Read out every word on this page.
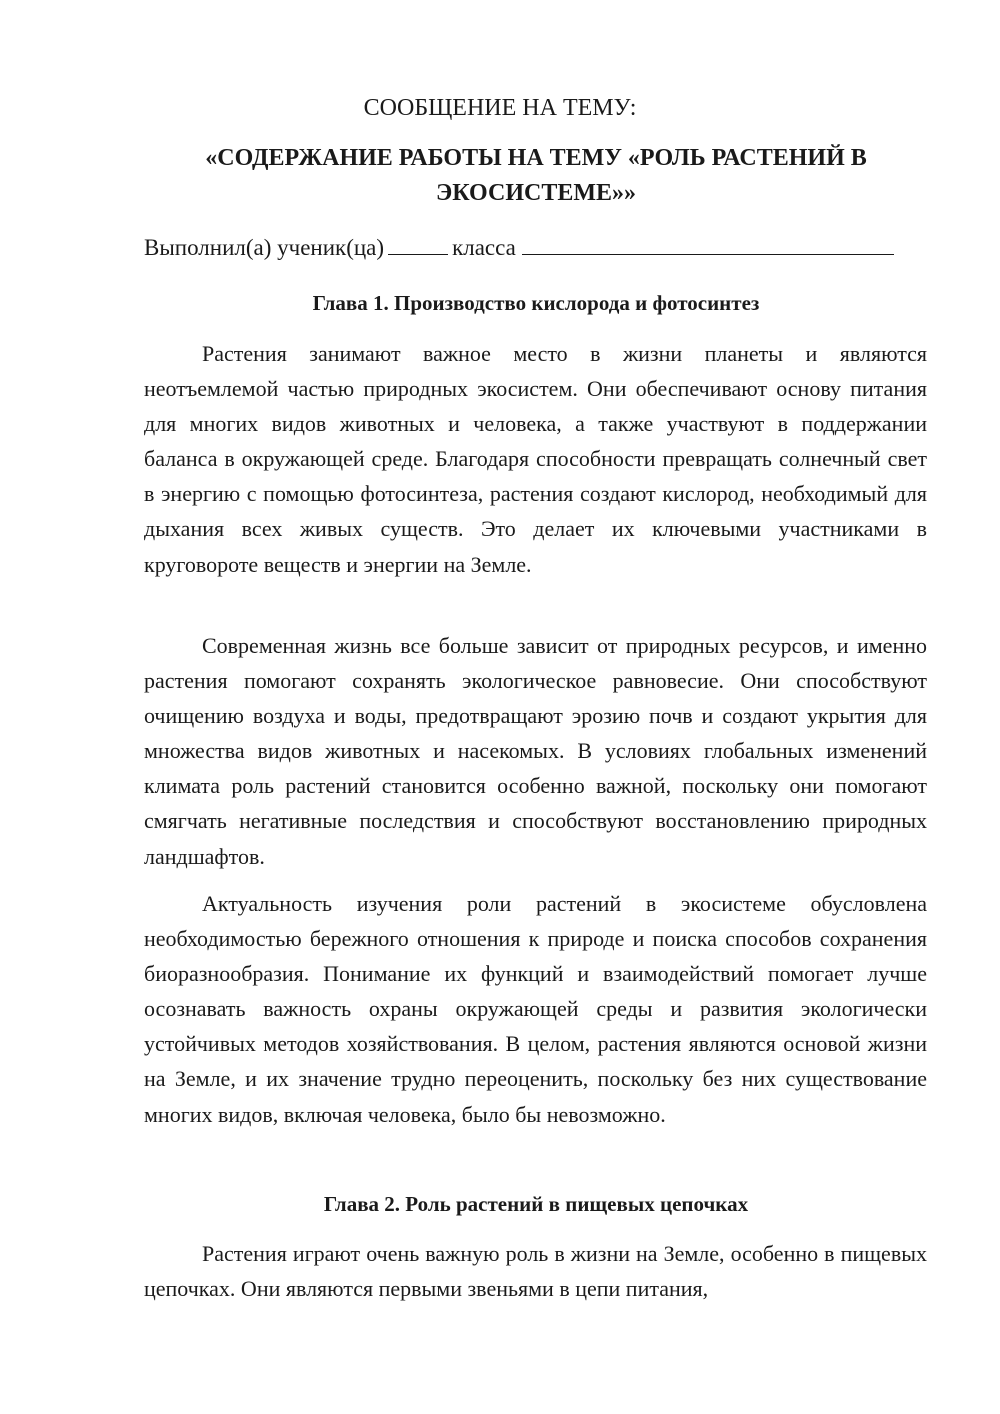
СООБЩЕНИЕ НА ТЕМУ:
«СОДЕРЖАНИЕ РАБОТЫ НА ТЕМУ «РОЛЬ РАСТЕНИЙ В
ЭКОСИСТЕМЕ»»
Выполнил(а) ученик(ца)	класса
Глава 1. Производство кислорода и фотосинтез

Растения занимают важное место в жизни планеты и являются неотъемлемой частью природных экосистем. Они обеспечивают основу питания для многих видов животных и человека, а также участвуют в поддержании баланса в окружающей среде. Благодаря способности превращать солнечный свет в энергию с помощью фотосинтеза, растения создают кислород, необходимый для дыхания всех живых существ. Это делает их ключевыми участниками в круговороте веществ и энергии на Земле.

Современная жизнь все больше зависит от природных ресурсов, и именно растения помогают сохранять экологическое равновесие. Они способствуют очищению воздуха и воды, предотвращают эрозию почв и создают укрытия для множества видов животных и насекомых. В условиях глобальных изменений климата роль растений становится особенно важной, поскольку они помогают смягчать негативные последствия и способствуют восстановлению природных ландшафтов.

Актуальность изучения роли растений в экосистеме обусловлена необходимостью бережного отношения к природе и поиска способов сохранения биоразнообразия. Понимание их функций и взаимодействий помогает лучше осознавать важность охраны окружающей среды и развития экологически устойчивых методов хозяйствования. В целом, растения являются основой жизни на Земле, и их значение трудно переоценить, поскольку без них существование многих видов, включая человека, было бы невозможно.

Глава 2. Роль растений в пищевых цепочках

Растения играют очень важную роль в жизни на Земле, особенно в пищевых цепочках. Они являются первыми звеньями в цепи питания,
